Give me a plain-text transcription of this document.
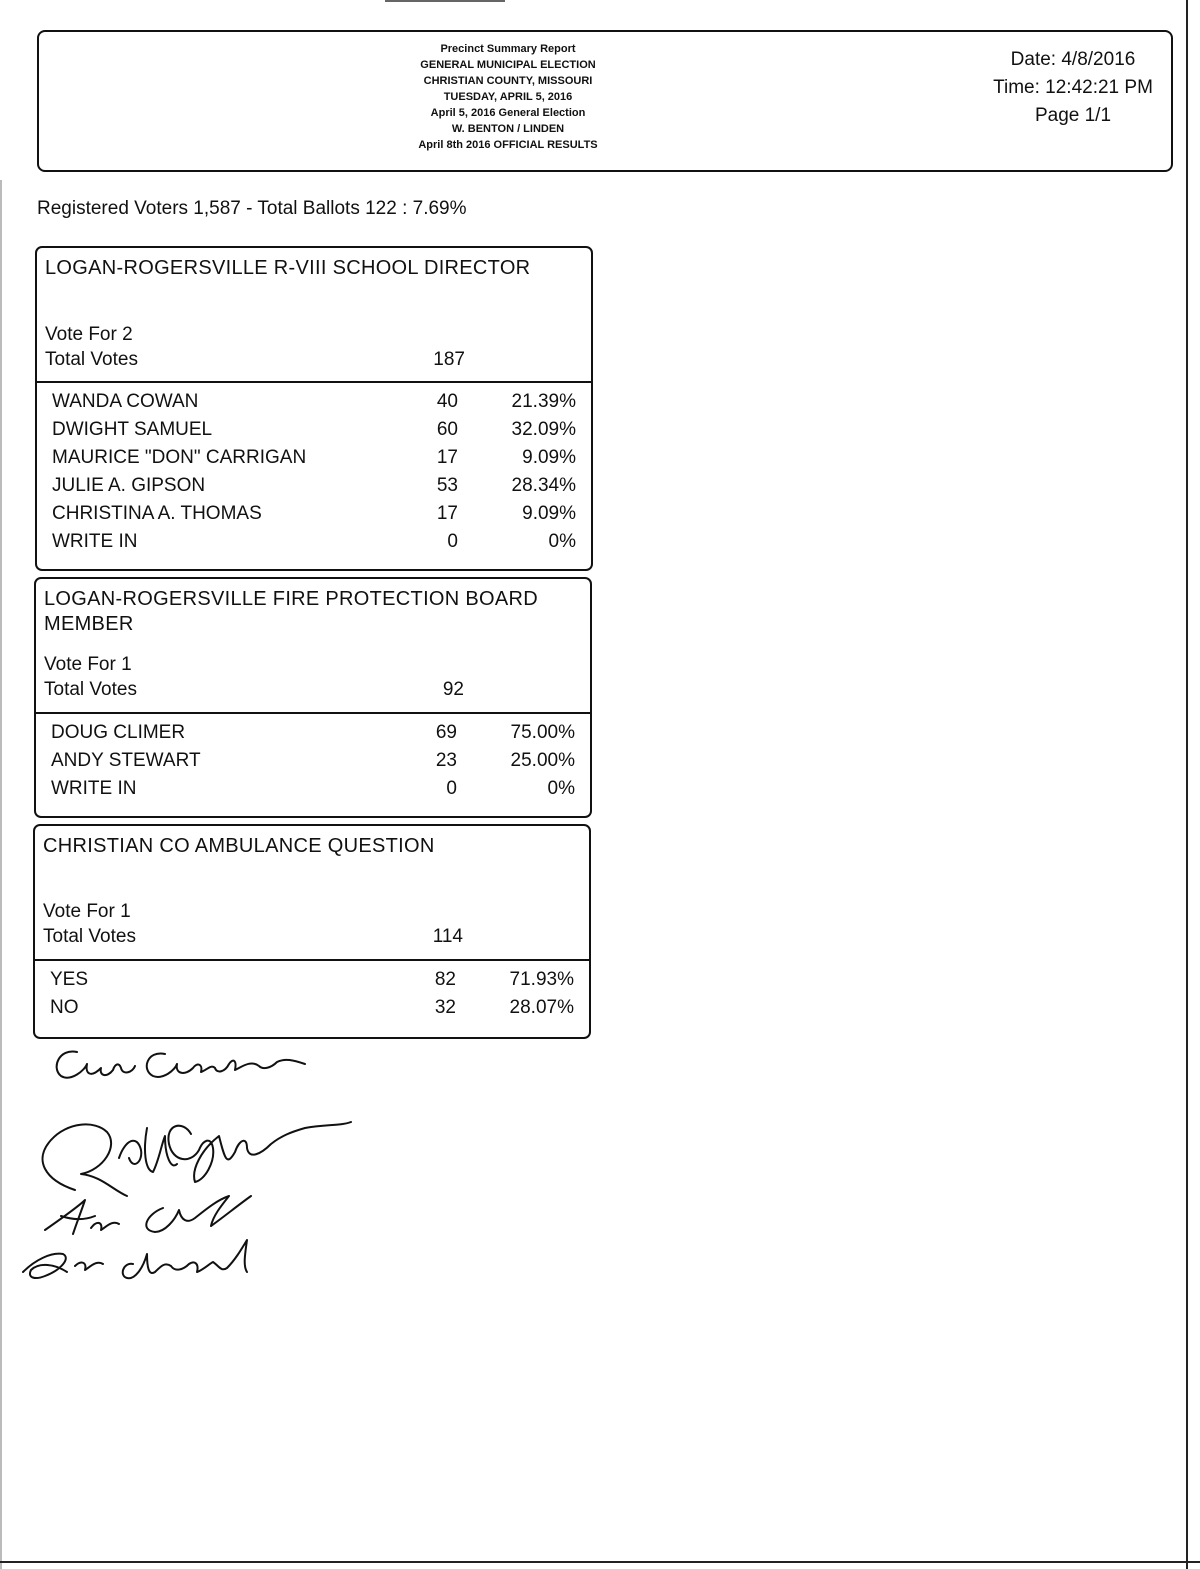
Precinct Summary Report
GENERAL MUNICIPAL ELECTION
CHRISTIAN COUNTY, MISSOURI
TUESDAY, APRIL 5, 2016
April 5, 2016 General Election
W. BENTON / LINDEN
April 8th 2016 OFFICIAL RESULTS
Date: 4/8/2016
Time: 12:42:21 PM
Page 1/1
Registered Voters 1,587 - Total Ballots 122 : 7.69%
LOGAN-ROGERSVILLE R-VIII SCHOOL DIRECTOR
Vote For 2
Total Votes	187
WANDA COWAN	40	21.39%
DWIGHT SAMUEL	60	32.09%
MAURICE "DON" CARRIGAN	17	9.09%
JULIE A. GIPSON	53	28.34%
CHRISTINA A. THOMAS	17	9.09%
WRITE IN	0	0%
LOGAN-ROGERSVILLE FIRE PROTECTION BOARD MEMBER
Vote For 1
Total Votes	92
DOUG CLIMER	69	75.00%
ANDY STEWART	23	25.00%
WRITE IN	0	0%
CHRISTIAN CO AMBULANCE QUESTION
Vote For 1
Total Votes	114
YES	82	71.93%
NO	32	28.07%
